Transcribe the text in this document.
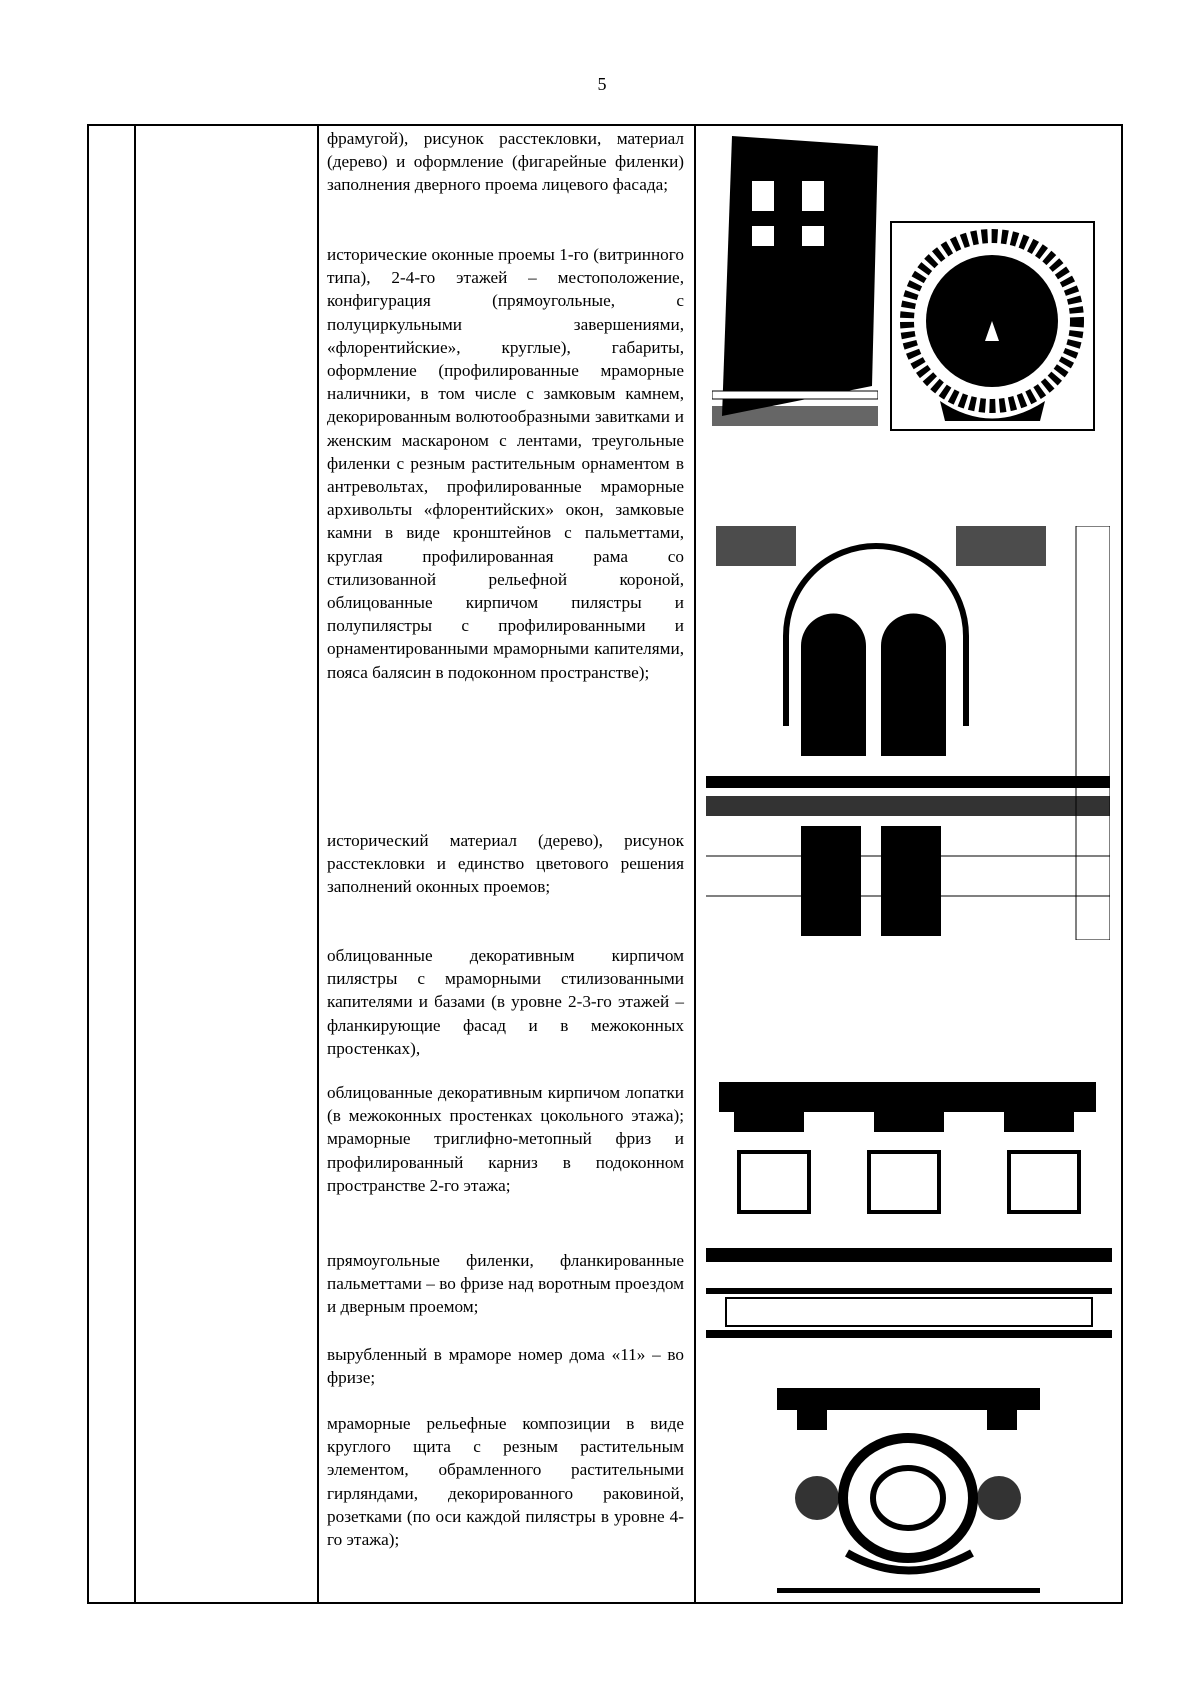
5

фрамугой), рисунок расстекловки, материал (дерево) и оформление (фигарейные филенки) заполнения дверного проема лицевого фасада;

исторические оконные проемы 1-го (витринного типа), 2-4-го этажей – местоположение, конфигурация (прямоугольные, с полуциркульными завершениями, «флорентийские», круглые), габариты, оформление (профилированные мраморные наличники, в том числе с замковым камнем, декорированным волютообразными завитками и женским маскароном с лентами, треугольные филенки с резным растительным орнаментом в антревольтах, профилированные мраморные архивольты «флорентийских» окон, замковые камни в виде кронштейнов с пальметтами, круглая профилированная рама со стилизованной рельефной короной, облицованные кирпичом пилястры и полупилястры с профилированными и орнаментированными мраморными капителями, пояса балясин в подоконном пространстве);

исторический материал (дерево), рисунок расстекловки и единство цветового решения заполнений оконных проемов;

облицованные декоративным кирпичом пилястры с мраморными стилизованными капителями и базами (в уровне 2-3-го этажей – фланкирующие фасад и в межоконных простенках),

облицованные декоративным кирпичом лопатки (в межоконных простенках цокольного этажа); мраморные триглифно-метопный фриз и профилированный карниз в подоконном пространстве 2-го этажа;

прямоугольные филенки, фланкированные пальметтами – во фризе над воротным проездом и дверным проемом;

вырубленный в мраморе номер дома «11» – во фризе;

мраморные рельефные композиции в виде круглого щита с резным растительным элементом, обрамленного растительными гирляндами, декорированного раковиной, розетками (по оси каждой пилястры в уровне 4-го этажа);
